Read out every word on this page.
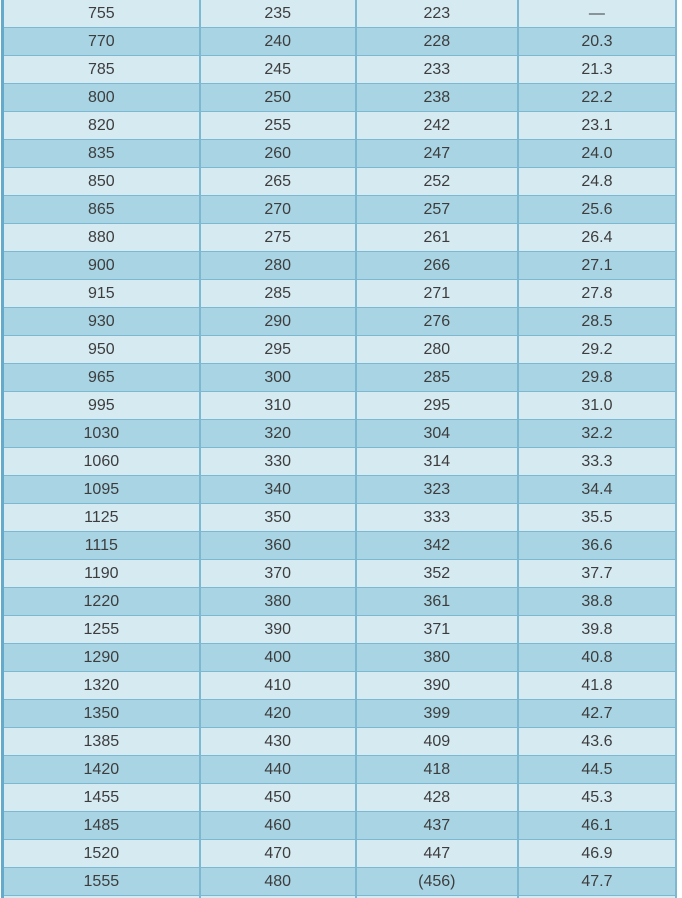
755	235	223	—
770	240	228	20.3
785	245	233	21.3
800	250	238	22.2
820	255	242	23.1
835	260	247	24.0
850	265	252	24.8
865	270	257	25.6
880	275	261	26.4
900	280	266	27.1
915	285	271	27.8
930	290	276	28.5
950	295	280	29.2
965	300	285	29.8
995	310	295	31.0
1030	320	304	32.2
1060	330	314	33.3
1095	340	323	34.4
1125	350	333	35.5
1115	360	342	36.6
1190	370	352	37.7
1220	380	361	38.8
1255	390	371	39.8
1290	400	380	40.8
1320	410	390	41.8
1350	420	399	42.7
1385	430	409	43.6
1420	440	418	44.5
1455	450	428	45.3
1485	460	437	46.1
1520	470	447	46.9
1555	480	(456)	47.7
